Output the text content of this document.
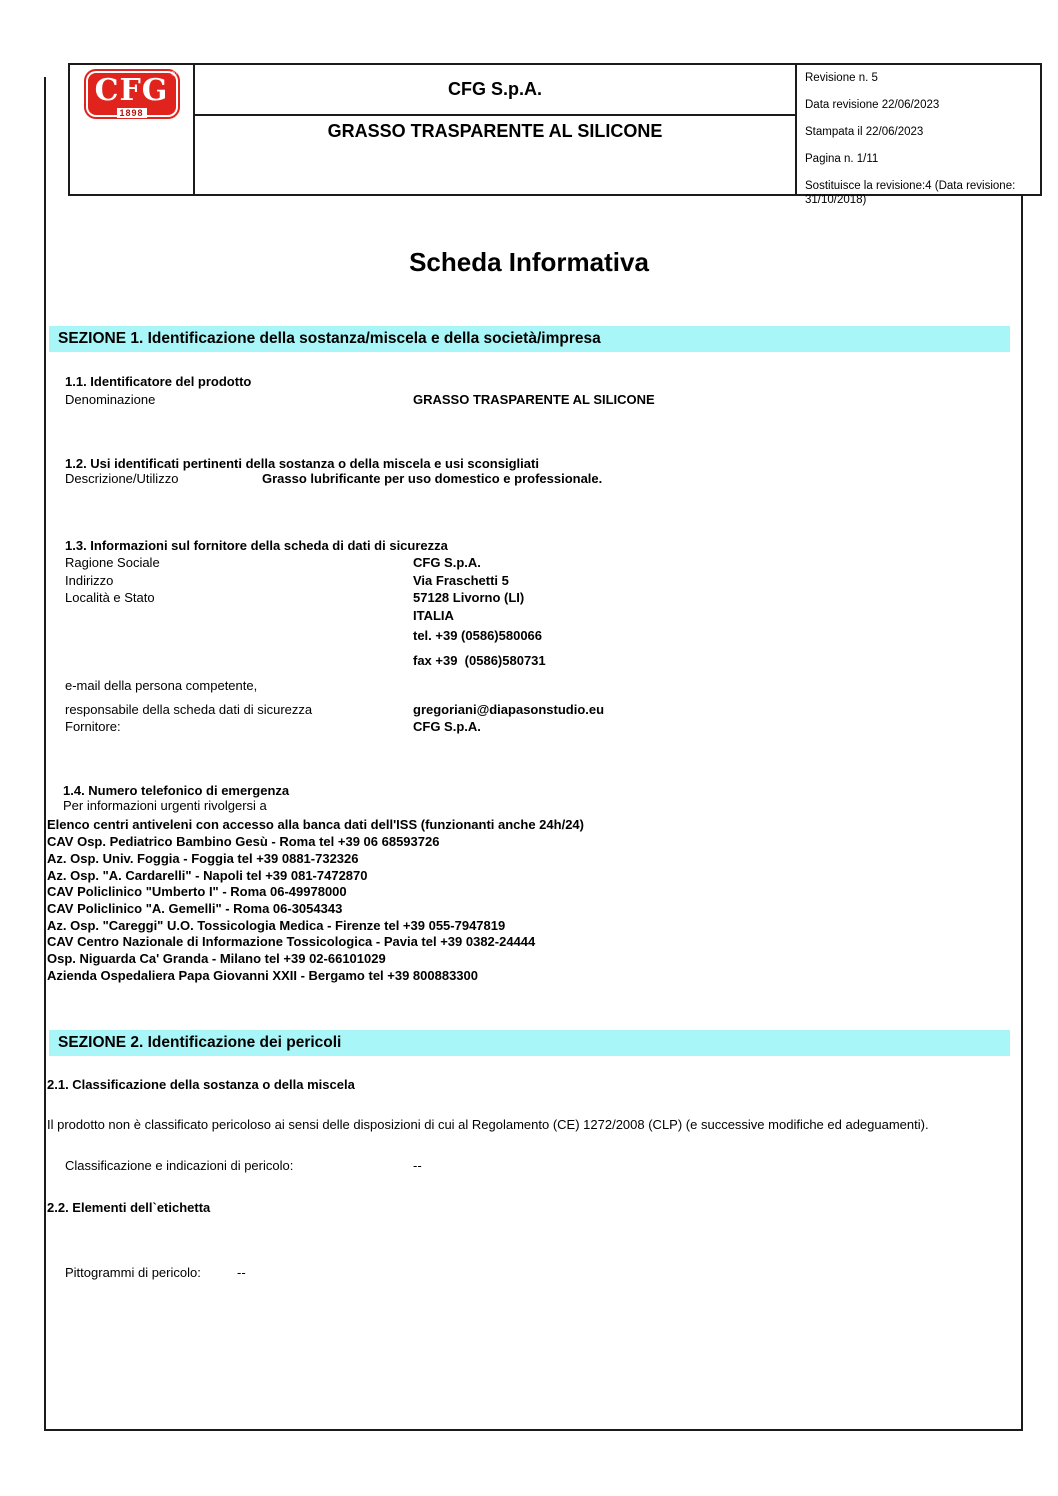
CFG ®
1898
CFG S.p.A.
GRASSO TRASPARENTE AL SILICONE
Revisione n. 5
Data revisione 22/06/2023
Stampata il 22/06/2023
Pagina n. 1/11
Sostituisce la revisione:4 (Data revisione: 31/10/2018)
Scheda Informativa
SEZIONE 1. Identificazione della sostanza/miscela e della società/impresa
1.1. Identificatore del prodotto
Denominazione	GRASSO TRASPARENTE AL SILICONE
1.2. Usi identificati pertinenti della sostanza o della miscela e usi sconsigliati
Descrizione/Utilizzo	Grasso lubrificante per uso domestico e professionale.
1.3. Informazioni sul fornitore della scheda di dati di sicurezza
Ragione Sociale	CFG S.p.A.
Indirizzo	Via Fraschetti 5
Località e Stato	57128 Livorno (LI)
ITALIA
tel. +39 (0586)580066
fax +39  (0586)580731
e-mail della persona competente,
responsabile della scheda dati di sicurezza	gregoriani@diapasonstudio.eu
Fornitore:	CFG S.p.A.
1.4. Numero telefonico di emergenza
Per informazioni urgenti rivolgersi a
Elenco centri antiveleni con accesso alla banca dati dell'ISS (funzionanti anche 24h/24)
CAV Osp. Pediatrico Bambino Gesù - Roma tel +39 06 68593726
Az. Osp. Univ. Foggia - Foggia tel +39 0881-732326
Az. Osp. "A. Cardarelli" - Napoli tel +39 081-7472870
CAV Policlinico "Umberto I" - Roma 06-49978000
CAV Policlinico "A. Gemelli" - Roma 06-3054343
Az. Osp. "Careggi" U.O. Tossicologia Medica - Firenze tel +39 055-7947819
CAV Centro Nazionale di Informazione Tossicologica - Pavia tel +39 0382-24444
Osp. Niguarda Ca' Granda - Milano tel +39 02-66101029
Azienda Ospedaliera Papa Giovanni XXII - Bergamo tel +39 800883300
SEZIONE 2. Identificazione dei pericoli
2.1. Classificazione della sostanza o della miscela
Il prodotto non è classificato pericoloso ai sensi delle disposizioni di cui al Regolamento (CE) 1272/2008 (CLP) (e successive modifiche ed adeguamenti).
Classificazione e indicazioni di pericolo:	--
2.2. Elementi dell`etichetta
Pittogrammi di pericolo:	--
